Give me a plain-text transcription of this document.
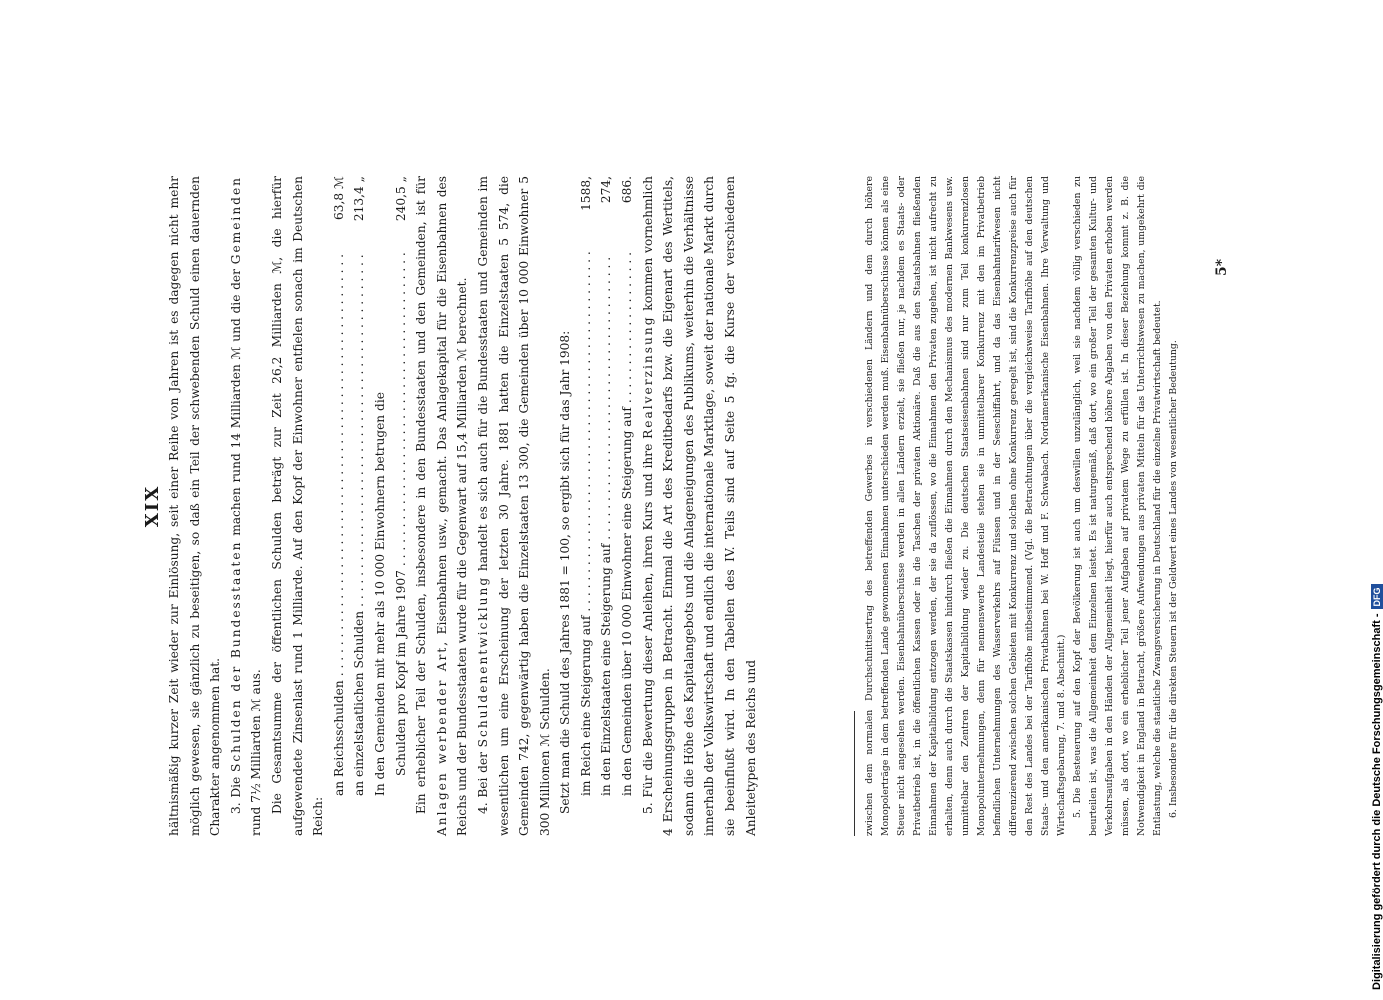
XIX hältnismäßig kurzer Zeit wieder zur Einlösung, seit einer Reihe von Jahren ist es dagegen nicht mehr möglich gewesen, sie gänzlich zu beseitigen, so daß ein Teil der schwebenden Schuld einen dauernden Charakter angenommen hat. 3. Die Schulden der Bundesstaaten machen rund 14 Milliarden ℳ und die der Gemeinden rund 7½ Milliarden ℳ aus. Die Gesamtsumme der öffentlichen Schulden beträgt zur Zeit 26,2 Milliarden ℳ, die hierfür aufgewendete Zinsenlast rund 1 Milliarde. Auf den Kopf der Einwohner entfielen sonach im Deutschen Reich:

an Reichsschulden
. . .
63,8 ℳ
an einzelstaatlichen Schulden
. . .
213,4 „
In den Gemeinden mit mehr als 10 000 Einwohnern betrugen die Schulden pro Kopf im Jahre 1907
. . .
240,5 „ Ein erheblicher Teil der Schulden, insbesondere in den Bundesstaaten und den Gemeinden, ist für Anlagen werbender Art, Eisenbahnen usw., gemacht. Das Anlagekapital für die Eisenbahnen des Reichs und der Bundesstaaten wurde für die Gegenwart auf 15,4 Milliarden ℳ berechnet. 4. Bei der Schuldenentwicklung handelt es sich auch für die Bundesstaaten und Gemeinden im wesentlichen um eine Erscheinung der letzten 30 Jahre. 1881 hatten die Einzelstaaten 5 574, die Gemeinden 742, gegenwärtig haben die Einzelstaaten 13 300, die Gemeinden über 10 000 Einwohner 5 300 Millionen ℳ Schulden. Setzt man die Schuld des Jahres 1881 = 100, so ergibt sich für das Jahr 1908: im Reich eine Steigerung auf
. . .
1588,
in den Einzelstaaten eine Steigerung auf
. . .
274,
in den Gemeinden über 10 000 Einwohner eine Steigerung auf
. . .
686.

5. Für die Bewertung dieser Anleihen, ihren Kurs und ihre Realverzinsung kommen vornehmlich 4 Erscheinungsgruppen in Betracht. Einmal die Art des Kreditbedarfs bzw. die Eigenart des Wertitels, sodann die Höhe des Kapitalangebots und die Anlageneigungen des Publikums, weiterhin die Verhältnisse innerhalb der Volkswirtschaft und endlich die internationale Marktlage, soweit der nationale Markt durch sie beeinflußt wird. In den Tabellen des IV. Teils sind auf Seite 5 fg. die Kurse der verschiedenen Anleitetypen des Reichs und	zwischen dem normalen Durchschnittsertrag des betreffenden Gewerbes in verschiedenen Ländern und dem durch höhere Monopolerträge in dem betreffenden Lande gewonnenen Einnahmen unterschieden werden muß. Eisenbahnüberschüsse können als eine Steuer nicht angesehen werden. Eisenbahnüberschüsse werden in allen Ländern erzielt, sie fließen nur, je nachdem es Staats- oder Privatbetrieb ist, in die öffentlichen Kassen oder in die Taschen der privaten Aktionäre. Daß die aus den Staatsbahnen fließenden Einnahmen der Kapitalbildung entzogen werden, der sie da zuflössen, wo die Einnahmen den Privaten zugehen, ist nicht aufrecht zu erhalten, denn auch durch die Staatskassen hindurch fließen die Einnahmen durch den Mechanismus des modernen Bankwesens usw. unmittelbar den Zentren der Kapitalbildung wieder zu. Die deutschen Staatseisenbahnen sind nur zum Teil konkurrenzlosen Monopolunternehmungen, denn für nennenswerte Landesteile stehen sie in unmittelbarer Konkurrenz mit den im Privatbetrieb befindlichen Unternehmungen des Wasserverkehrs auf Flüssen und in der Seeschiffahrt, und da das Eisenbahntarifwesen nicht differenzierend zwischen solchen Gebieten mit Konkurrenz und solchen ohne Konkurrenz geregelt ist, sind die Konkurrenzpreise auch für den Rest des Landes bei der Tarifhöhe mitbestimmend. (Vgl. die Betrachtungen über die vergleichsweise Tarifhöhe auf den deutschen Staats- und den amerikanischen Privatbahnen bei W. Hoff und F. Schwabach. Nordamerikanische Eisenbahnen. Ihre Verwaltung und Wirtschaftsgebarung, 7. und 8. Abschnitt.) 5. Die Besteuerung auf den Kopf der Bevölkerung ist auch um deswillen unzulänglich, weil sie nachdem völlig verschieden zu beurteilen ist, was die Allgemeinheit dem Einzelnen leistet. Es ist naturgemäß, daß dort, wo ein großer Teil der gesamten Kultur- und Verkehrsaufgaben in den Händen der Allgemeinheit liegt, hierfür auch entsprechend höhere Abgaben von den Privaten erhoben werden müssen, als dort, wo ein erheblicher Teil jener Aufgaben auf privatem Wege zu erfüllen ist. In dieser Beziehung kommt z. B. die Notwendigkeit in England in Betracht, größere Aufwendungen aus privaten Mitteln für das Unterrichtswesen zu machen, umgekehrt die Entlastung, welche die staatliche Zwangsversicherung in Deutschland für die einzelne Privatwirtschaft bedeutet. 6. Insbesondere für die direkten Steuern ist der Geldwert eines Landes von wesentlicher Bedeutung.

5*
Digitalisierung gefördert durch die Deutsche Forschungsgemeinschaft -
DFG
